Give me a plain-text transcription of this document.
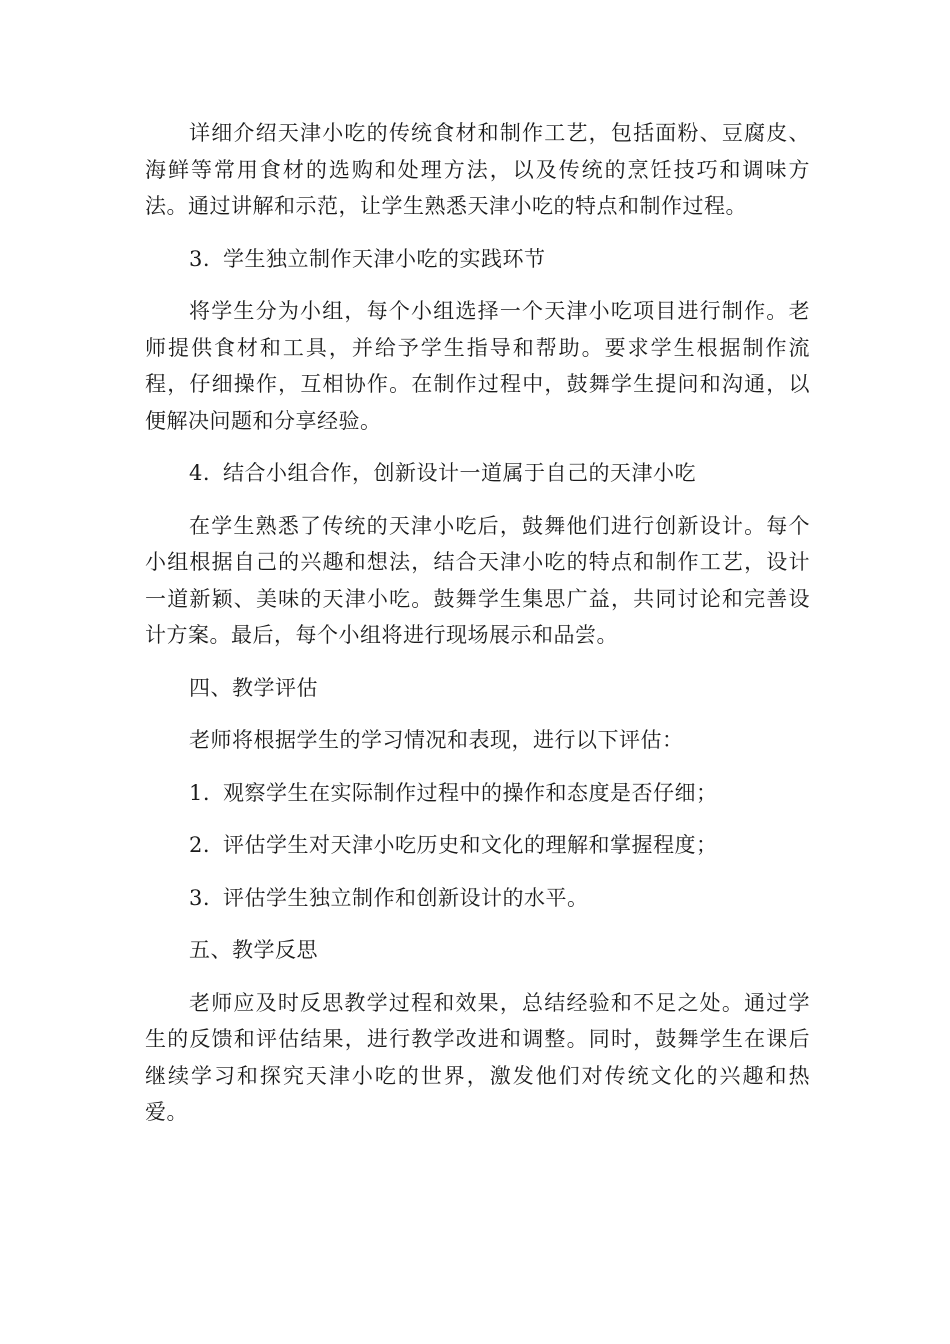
详细介绍天津小吃的传统食材和制作工艺，包括面粉、豆腐皮、海鲜等常用食材的选购和处理方法，以及传统的烹饪技巧和调味方法。通过讲解和示范，让学生熟悉天津小吃的特点和制作过程。

3. 学生独立制作天津小吃的实践环节

将学生分为小组，每个小组选择一个天津小吃项目进行制作。老师提供食材和工具，并给予学生指导和帮助。要求学生根据制作流程，仔细操作，互相协作。在制作过程中，鼓舞学生提问和沟通，以便解决问题和分享经验。

4. 结合小组合作，创新设计一道属于自己的天津小吃

在学生熟悉了传统的天津小吃后，鼓舞他们进行创新设计。每个小组根据自己的兴趣和想法，结合天津小吃的特点和制作工艺，设计一道新颖、美味的天津小吃。鼓舞学生集思广益，共同讨论和完善设计方案。最后，每个小组将进行现场展示和品尝。

四、教学评估

老师将根据学生的学习情况和表现，进行以下评估：

1. 观察学生在实际制作过程中的操作和态度是否仔细；

2. 评估学生对天津小吃历史和文化的理解和掌握程度；

3. 评估学生独立制作和创新设计的水平。

五、教学反思

老师应及时反思教学过程和效果，总结经验和不足之处。通过学生的反馈和评估结果，进行教学改进和调整。同时，鼓舞学生在课后继续学习和探究天津小吃的世界，激发他们对传统文化的兴趣和热爱。
